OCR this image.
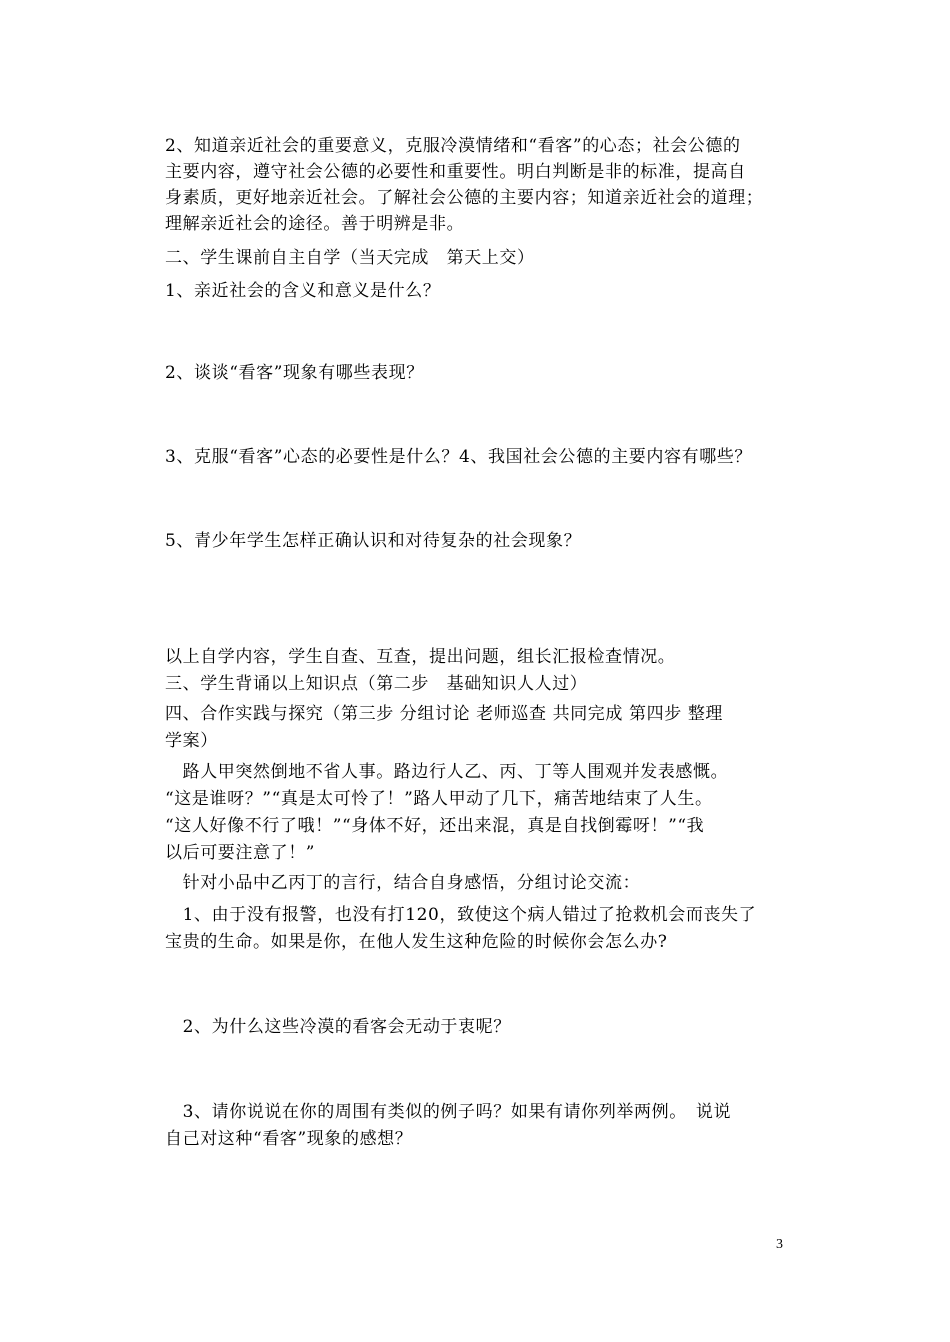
2、知道亲近社会的重要意义，克服冷漠情绪和“看客”的心态；社会公德的
主要内容，遵守社会公德的必要性和重要性。明白判断是非的标准，提高自
身素质，更好地亲近社会。了解社会公德的主要内容；知道亲近社会的道理；
理解亲近社会的途径。善于明辨是非。
二、学生课前自主自学（当天完成　第天上交）
1、亲近社会的含义和意义是什么？
2、谈谈“看客”现象有哪些表现？
3、克服“看客”心态的必要性是什么？4、我国社会公德的主要内容有哪些？
5、青少年学生怎样正确认识和对待复杂的社会现象？
以上自学内容，学生自查、互查，提出问题，组长汇报检查情况。
三、学生背诵以上知识点（第二步　基础知识人人过）
四、合作实践与探究（第三步 分组讨论 老师巡查 共同完成 第四步 整理
学案）
　路人甲突然倒地不省人事。路边行人乙、丙、丁等人围观并发表感慨。
“这是谁呀？”“真是太可怜了！”路人甲动了几下，痛苦地结束了人生。
“这人好像不行了哦！”“身体不好，还出来混，真是自找倒霉呀！”“我
以后可要注意了！”
　针对小品中乙丙丁的言行，结合自身感悟，分组讨论交流：
　1、由于没有报警，也没有打120，致使这个病人错过了抢救机会而丧失了
宝贵的生命。如果是你，在他人发生这种危险的时候你会怎么办?
　2、为什么这些冷漠的看客会无动于衷呢？
　3、请你说说在你的周围有类似的例子吗？如果有请你列举两例。　说说
自己对这种“看客”现象的感想？
3
